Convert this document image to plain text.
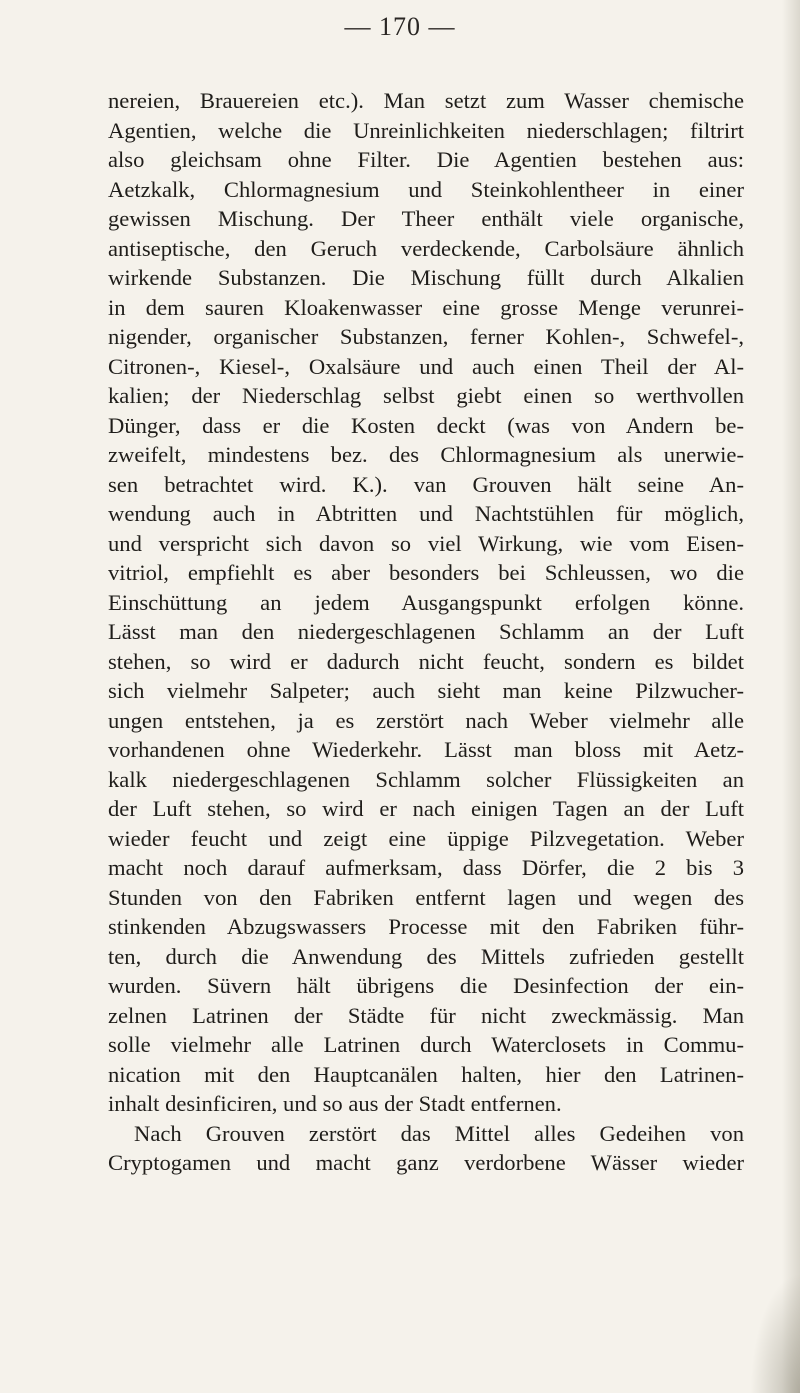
— 170 —
nereien, Brauereien etc.). Man setzt zum Wasser chemische
Agentien, welche die Unreinlichkeiten niederschlagen; filtrirt
also gleichsam ohne Filter. Die Agentien bestehen aus:
Aetzkalk, Chlormagnesium und Steinkohlentheer in einer
gewissen Mischung. Der Theer enthält viele organische,
antiseptische, den Geruch verdeckende, Carbolsäure ähnlich
wirkende Substanzen. Die Mischung füllt durch Alkalien
in dem sauren Kloakenwasser eine grosse Menge verunrei-
nigender, organischer Substanzen, ferner Kohlen-, Schwefel-,
Citronen-, Kiesel-, Oxalsäure und auch einen Theil der Al-
kalien; der Niederschlag selbst giebt einen so werthvollen
Dünger, dass er die Kosten deckt (was von Andern be-
zweifelt, mindestens bez. des Chlormagnesium als unerwie-
sen betrachtet wird. K.). van Grouven hält seine An-
wendung auch in Abtritten und Nachtstühlen für möglich,
und verspricht sich davon so viel Wirkung, wie vom Eisen-
vitriol, empfiehlt es aber besonders bei Schleussen, wo die
Einschüttung an jedem Ausgangspunkt erfolgen könne.
Lässt man den niedergeschlagenen Schlamm an der Luft
stehen, so wird er dadurch nicht feucht, sondern es bildet
sich vielmehr Salpeter; auch sieht man keine Pilzwucher-
ungen entstehen, ja es zerstört nach Weber vielmehr alle
vorhandenen ohne Wiederkehr. Lässt man bloss mit Aetz-
kalk niedergeschlagenen Schlamm solcher Flüssigkeiten an
der Luft stehen, so wird er nach einigen Tagen an der Luft
wieder feucht und zeigt eine üppige Pilzvegetation. Weber
macht noch darauf aufmerksam, dass Dörfer, die 2 bis 3
Stunden von den Fabriken entfernt lagen und wegen des
stinkenden Abzugswassers Processe mit den Fabriken führ-
ten, durch die Anwendung des Mittels zufrieden gestellt
wurden. Süvern hält übrigens die Desinfection der ein-
zelnen Latrinen der Städte für nicht zweckmässig. Man
solle vielmehr alle Latrinen durch Waterclosets in Commu-
nication mit den Hauptcanälen halten, hier den Latrinen-
inhalt desinficiren, und so aus der Stadt entfernen.
Nach Grouven zerstört das Mittel alles Gedeihen von
Cryptogamen und macht ganz verdorbene Wässer wieder
